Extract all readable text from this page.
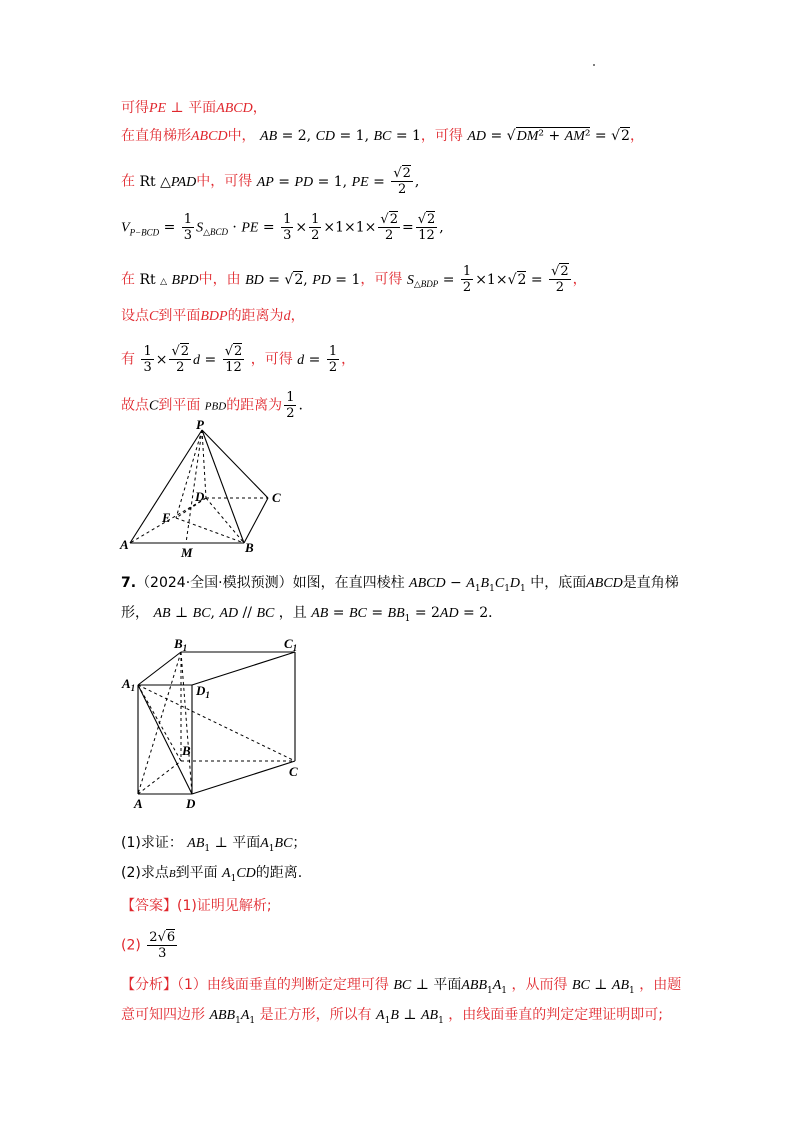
可得PE ⊥ 平面ABCD，
在直角梯形ABCD中， AB = 2, CD = 1, BC = 1，可得 AD = √DM² + AM² = √2，
在 Rt △PAD中，可得 AP = PD = 1, PE = $\frac{√2}{2}$ ,
$V_{P-BCD} = \frac{1}{3} S_{\triangle BCD}$ · PE = $\frac{1}{3} \times \frac{1}{2} \times 1\times 1\times \frac{√2}{2} = \frac{√2}{12}$ ,
在 Rt △ BPD中，由 BD = √2, PD = 1，可得 $S_{\triangle BDP} = \frac{1}{2} \times 1\times√2 = \frac{√2}{2}$ ，
设点C到平面BDP的距离为d，
有 $\frac{1}{3} \times \frac{√2}{2}$ $d = \frac{√2}{12}$ ，可得 $d = \frac{1}{2}$ ，
故点C到平面 PBD的距离为 $\frac{1}{2}$ .
P
D	C
E
A
M	B
7.（2024·全国·模拟预测）如图，在直四棱柱 ABCD − $A_1B_1C_1D_1$ 中，底面ABCD是直角梯
形， AB ⊥ BC, AD // BC ，且 AB = BC = $BB_1 = 2AD = 2$．
$B_1$	$C_1$
$A_1$	$D_1$
B
C
A	D
(1)求证： $AB_1$ ⊥ 平面$A_1BC$；
(2)求点B到平面 $A_1CD$的距离.
【答案】(1)证明见解析;
$(2) \frac{2√6}{3}$
【分析】（1）由线面垂直的判断定定理可得 BC ⊥ 平面$ABB_1A_1$ ，从而得 BC ⊥ $AB_1$ ，由题
意可知四边形 $ABB_1A_1$ 是正方形，所以有 $A_1B$ ⊥ $AB_1$ ，由线面垂直的判定定理证明即可;
